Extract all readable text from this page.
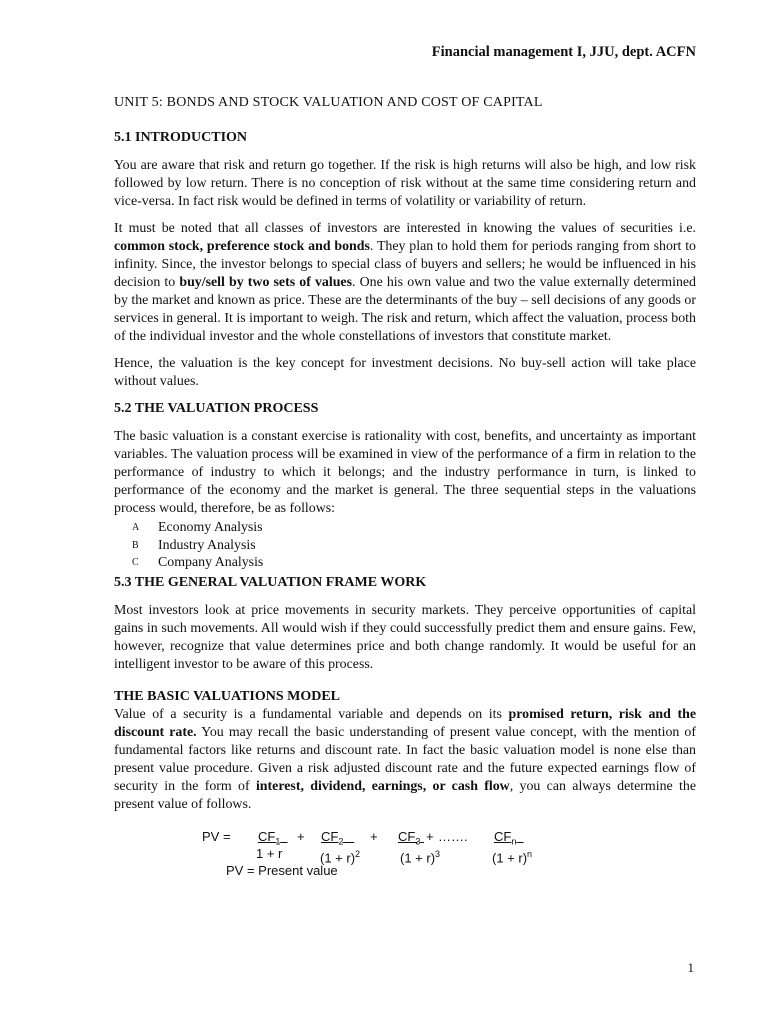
Financial management I, JJU, dept. ACFN
UNIT 5: BONDS AND STOCK VALUATION AND COST OF CAPITAL
5.1 INTRODUCTION

You are aware that risk and return go together. If the risk is high returns will also be high, and low risk followed by low return. There is no conception of risk without at the same time considering return and vice-versa. In fact risk would be defined in terms of volatility or variability of return.

It must be noted that all classes of investors are interested in knowing the values of securities i.e. common stock, preference stock and bonds. They plan to hold them for periods ranging from short to infinity. Since, the investor belongs to special class of buyers and sellers; he would be influenced in his decision to buy/sell by two sets of values. One his own value and two the value externally determined by the market and known as price. These are the determinants of the buy – sell decisions of any goods or services in general. It is important to weigh. The risk and return, which affect the valuation, process both of the individual investor and the whole constellations of investors that constitute market.

Hence, the valuation is the key concept for investment decisions. No buy-sell action will take place without values.

5.2 THE VALUATION PROCESS

The basic valuation is a constant exercise is rationality with cost, benefits, and uncertainty as important variables. The valuation process will be examined in view of the performance of a firm in relation to the performance of industry to which it belongs; and the industry performance in turn, is linked to performance of the economy and the market is general. The three sequential steps in the valuations process would, therefore, be as follows:

A	Economy Analysis
B	Industry Analysis
C	Company Analysis
5.3 THE GENERAL VALUATION FRAME WORK

Most investors look at price movements in security markets. They perceive opportunities of capital gains in such movements. All would wish if they could successfully predict them and ensure gains. Few, however, recognize that value determines price and both change randomly. It would be useful for an intelligent investor to be aware of this process.

THE BASIC VALUATIONS MODEL

Value of a security is a fundamental variable and depends on its promised return, risk and the discount rate. You may recall the basic understanding of present value concept, with the mention of fundamental factors like returns and discount rate. In fact the basic valuation model is none else than present value procedure. Given a risk adjusted discount rate and the future expected earnings flow of security in the form of interest, dividend, earnings, or cash flow, you can always determine the present value of follows.

PV = $CF_1$	+ $CF_2$	+ $CF_3$ + ……. $CF_n$
1 + r	$(1 + r)^2$	$(1 + r)^3$	$(1 + r)^n$
PV = Present value
1
